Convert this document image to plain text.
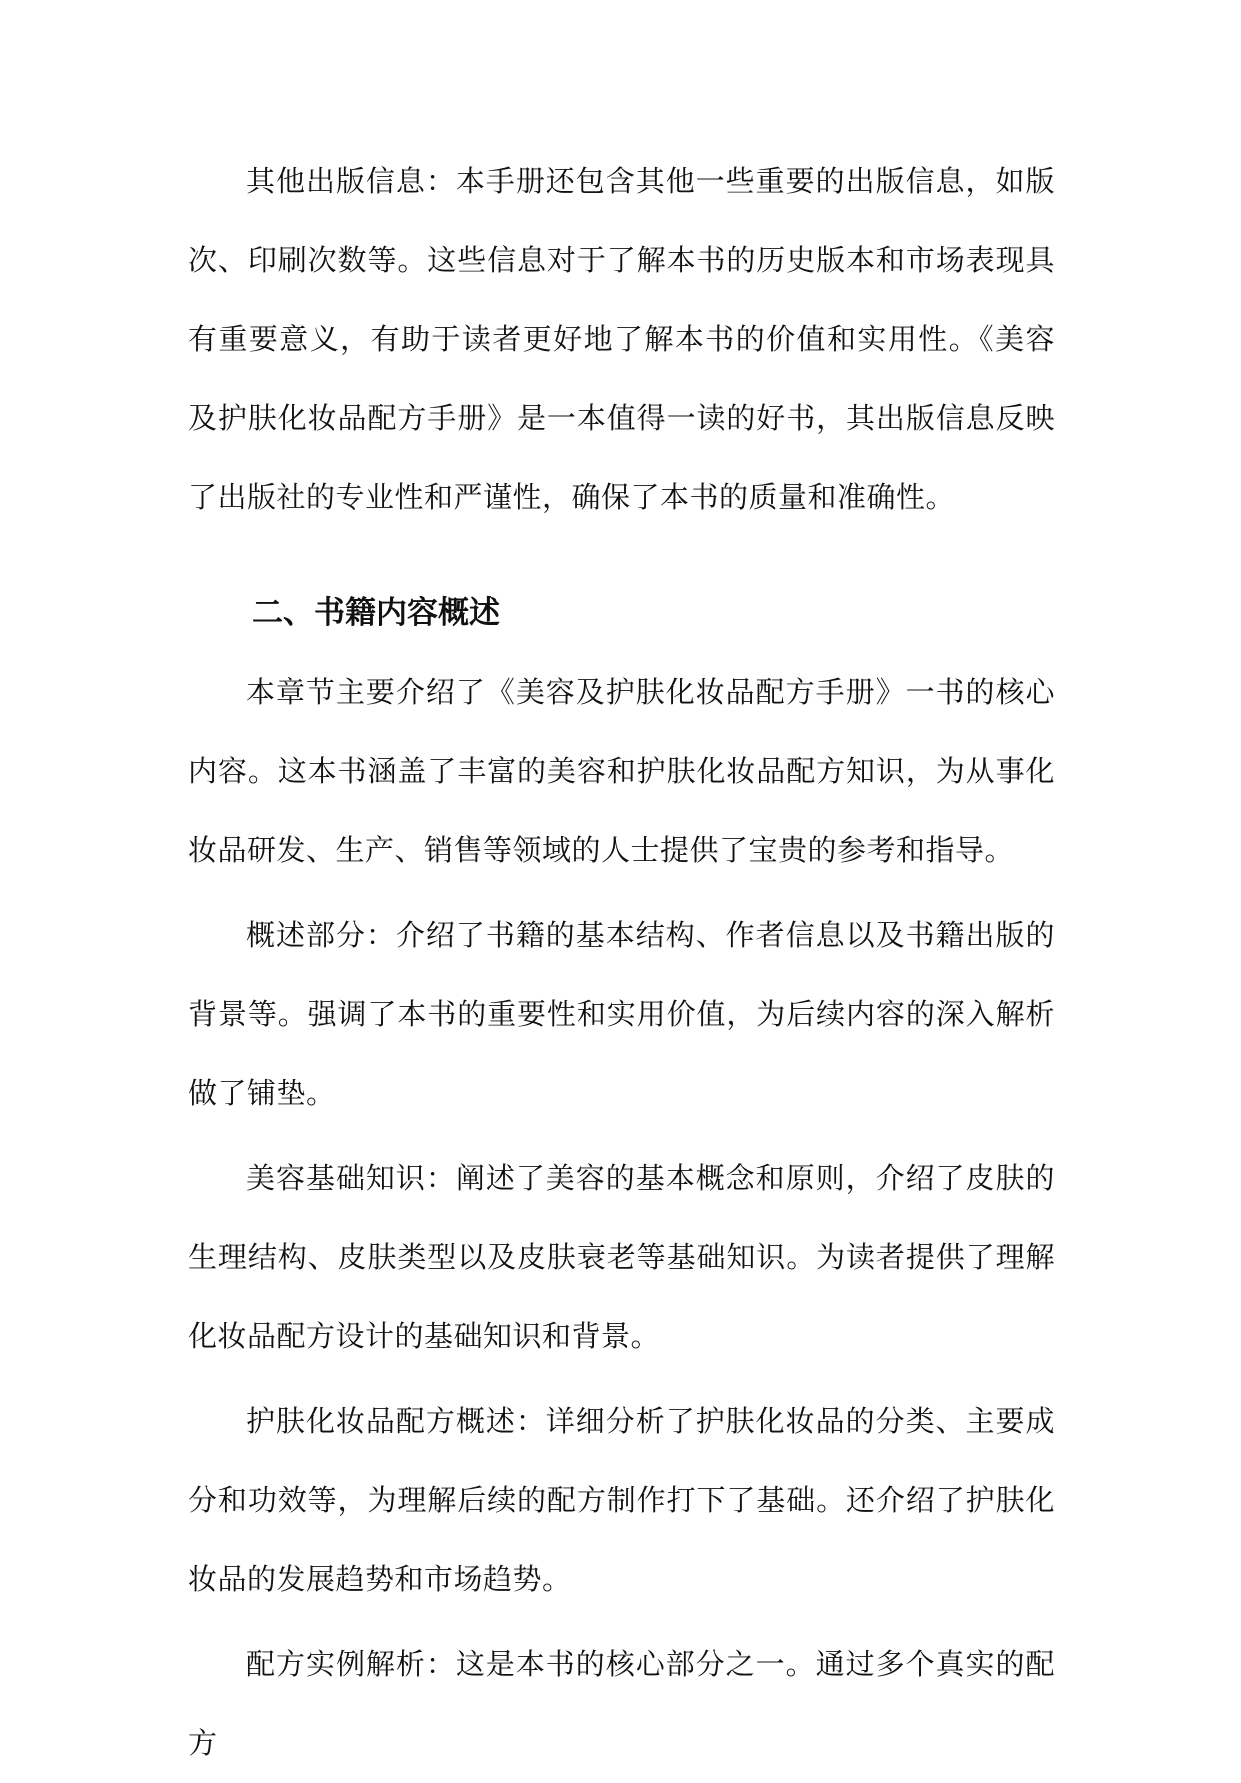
其他出版信息：本手册还包含其他一些重要的出版信息，如版次、印刷次数等。这些信息对于了解本书的历史版本和市场表现具有重要意义，有助于读者更好地了解本书的价值和实用性。《美容及护肤化妆品配方手册》是一本值得一读的好书，其出版信息反映了出版社的专业性和严谨性，确保了本书的质量和准确性。

二、书籍内容概述

本章节主要介绍了《美容及护肤化妆品配方手册》一书的核心内容。这本书涵盖了丰富的美容和护肤化妆品配方知识，为从事化妆品研发、生产、销售等领域的人士提供了宝贵的参考和指导。

概述部分：介绍了书籍的基本结构、作者信息以及书籍出版的背景等。强调了本书的重要性和实用价值，为后续内容的深入解析做了铺垫。

美容基础知识：阐述了美容的基本概念和原则，介绍了皮肤的生理结构、皮肤类型以及皮肤衰老等基础知识。为读者提供了理解化妆品配方设计的基础知识和背景。

护肤化妆品配方概述：详细分析了护肤化妆品的分类、主要成分和功效等，为理解后续的配方制作打下了基础。还介绍了护肤化妆品的发展趋势和市场趋势。

配方实例解析：这是本书的核心部分之一。通过多个真实的配方
